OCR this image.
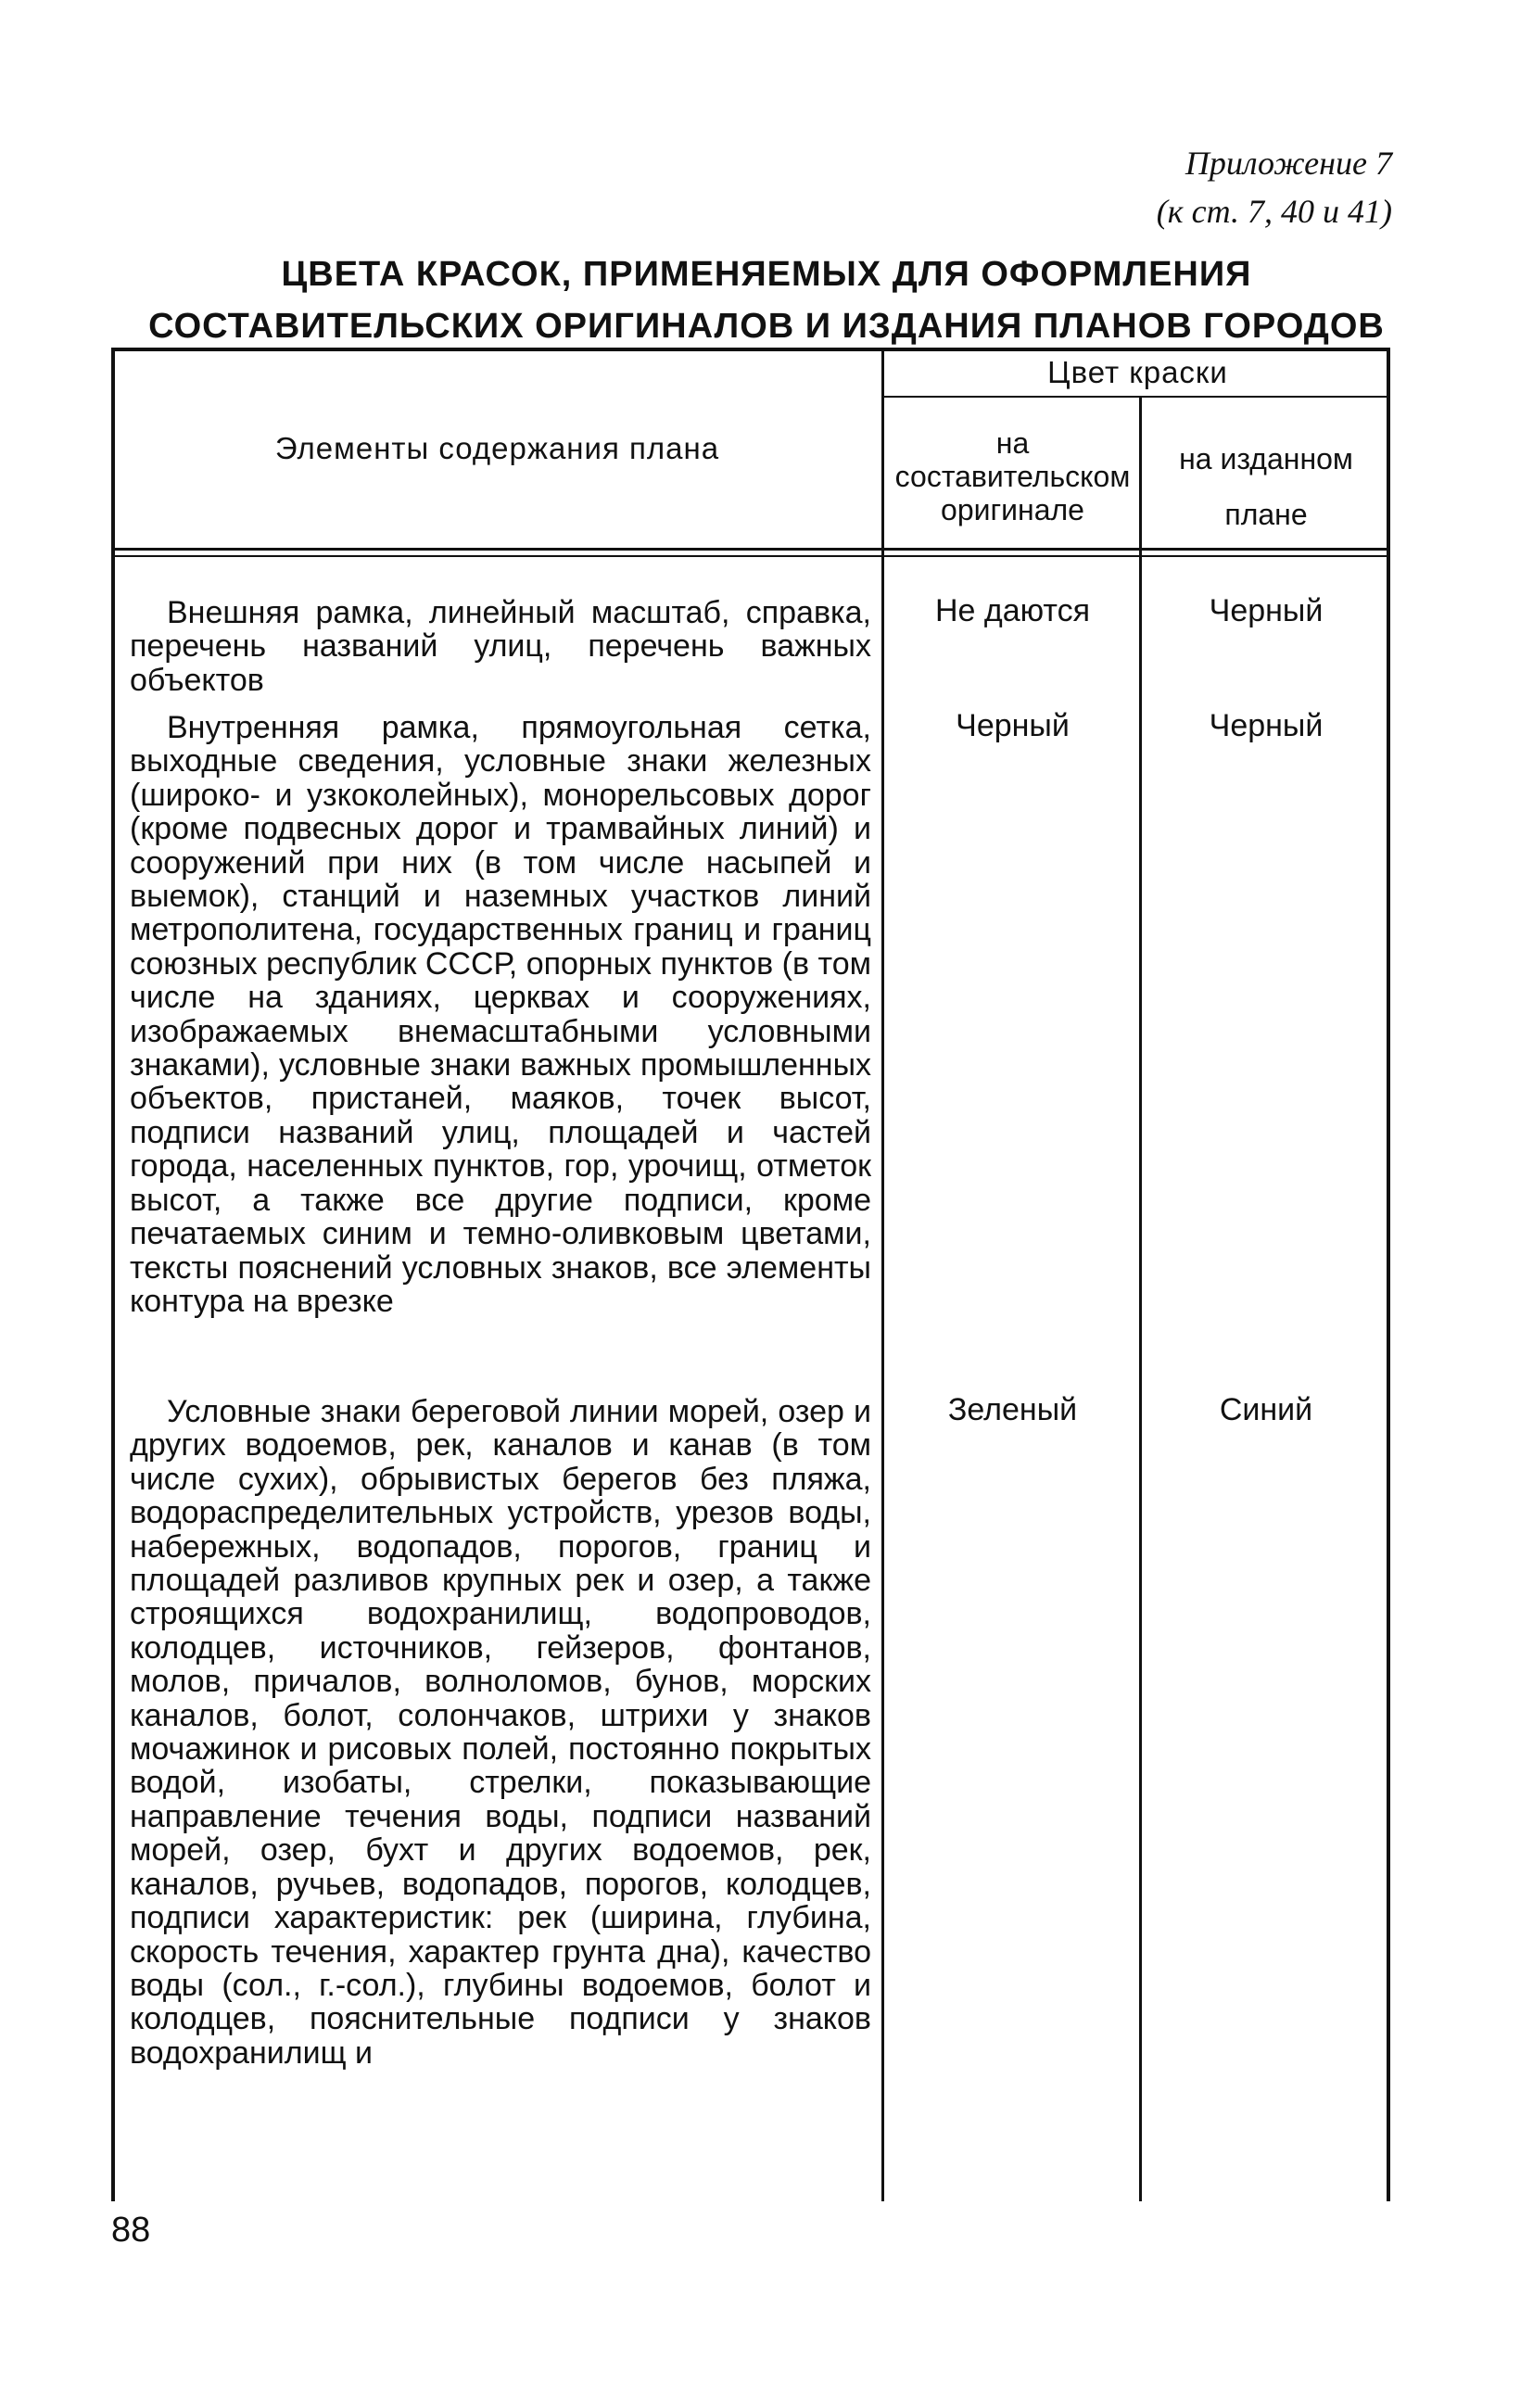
Приложение 7
(к ст. 7, 40 и 41)
ЦВЕТА КРАСОК, ПРИМЕНЯЕМЫХ ДЛЯ ОФОРМЛЕНИЯ
СОСТАВИТЕЛЬСКИХ ОРИГИНАЛОВ И ИЗДАНИЯ ПЛАНОВ ГОРОДОВ
Элементы содержания плана
Цвет краски
на составительском оригинале
на изданном плане
Внешняя рамка, линейный масштаб, справка, перечень названий улиц, перечень важных объектов
Не даются	Черный
Внутренняя рамка, прямоугольная сетка, выходные сведения, условные знаки железных (широко- и узкоколейных), монорельсовых дорог (кроме подвесных дорог и трамвайных линий) и сооружений при них (в том числе насыпей и выемок), станций и наземных участков линий метрополитена, государственных границ и границ союзных республик СССР, опорных пунктов (в том числе на зданиях, церквах и сооружениях, изображаемых внемасштабными условными знаками), условные знаки важных промышленных объектов, пристаней, маяков, точек высот, подписи названий улиц, площадей и частей города, населенных пунктов, гор, урочищ, отметок высот, а также все другие подписи, кроме печатаемых синим и темно-оливковым цветами, тексты пояснений условных знаков, все элементы контура на врезке
Черный	Черный
Условные знаки береговой линии морей, озер и других водоемов, рек, каналов и канав (в том числе сухих), обрывистых берегов без пляжа, водораспределительных устройств, урезов воды, набережных, водопадов, порогов, границ и площадей разливов крупных рек и озер, а также строящихся водохранилищ, водопроводов, колодцев, источников, гейзеров, фонтанов, молов, причалов, волноломов, бунов, морских каналов, болот, солончаков, штрихи у знаков мочажинок и рисовых полей, постоянно покрытых водой, изобаты, стрелки, показывающие направление течения воды, подписи названий морей, озер, бухт и других водоемов, рек, каналов, ручьев, водопадов, порогов, колодцев, подписи характеристик: рек (ширина, глубина, скорость течения, характер грунта дна), качество воды (сол., г.-сол.), глубины водоемов, болот и колодцев, пояснительные подписи у знаков водохранилищ и
Зеленый	Синий
88
